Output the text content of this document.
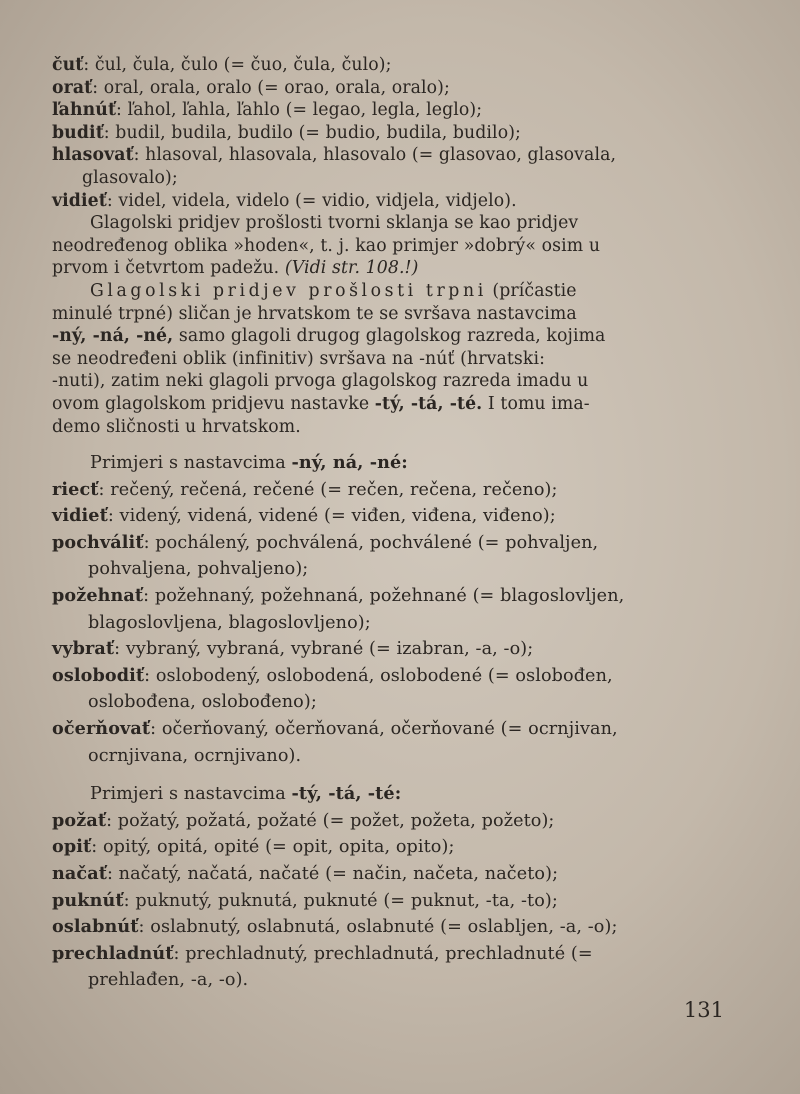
čuť: čul, čula, čulo (= čuo, čula, čulo);
orať: oral, orala, oralo (= orao, orala, oralo);
ľahnúť: ľahol, ľahla, ľahlo (= legao, legla, leglo);
budiť: budil, budila, budilo (= budio, budila, budilo);
hlasovať: hlasoval, hlasovala, hlasovalo (= glasovao, glasovala,
glasovalo);
vidieť: videl, videla, videlo (= vidio, vidjela, vidjelo).
Glagolski pridjev prošlosti tvorni sklanja se kao pridjev
neodređenog oblika »hoden«, t. j. kao primjer »dobrý« osim u
prvom i četvrtom padežu. (Vidi str. 108.!)
Glagolski pridjev prošlosti trpni (príčastie
minulé trpné) sličan je hrvatskom te se svršava nastavcima
-ný, -ná, -né, samo glagoli drugog glagolskog razreda, kojima
se neodređeni oblik (infinitiv) svršava na -núť (hrvatski:
-nuti), zatim neki glagoli prvoga glagolskog razreda imadu u
ovom glagolskom pridjevu nastavke -tý, -tá, -té. I tomu ima-
demo sličnosti u hrvatskom.
Primjeri s nastavcima -ný, ná, -né:
riecť: rečený, rečená, rečené (= rečen, rečena, rečeno);
vidieť: videný, videná, videné (= viđen, viđena, viđeno);
pochváliť: pochálený, pochválená, pochválené (= pohvaljen,
pohvaljena, pohvaljeno);
požehnať: požehnaný, požehnaná, požehnané (= blagoslovljen,
blagoslovljena, blagoslovljeno);
vybrať: vybraný, vybraná, vybrané (= izabran, -a, -o);
oslobodiť: oslobodený, oslobodená, oslobodené (= oslobođen,
oslobođena, oslobođeno);
očerňovať: očerňovaný, očerňovaná, očerňované (= ocrnjivan,
ocrnjivana, ocrnjivano).
Primjeri s nastavcima -tý, -tá, -té:
požať: požatý, požatá, požaté (= požet, požeta, požeto);
opiť: opitý, opitá, opité (= opit, opita, opito);
načať: načatý, načatá, načaté (= način, načeta, načeto);
puknúť: puknutý, puknutá, puknuté (= puknut, -ta, -to);
oslabnúť: oslabnutý, oslabnutá, oslabnuté (= oslabljen, -a, -o);
prechladnúť: prechladnutý, prechladnutá, prechladnuté (=
prehlađen, -a, -o).
131
